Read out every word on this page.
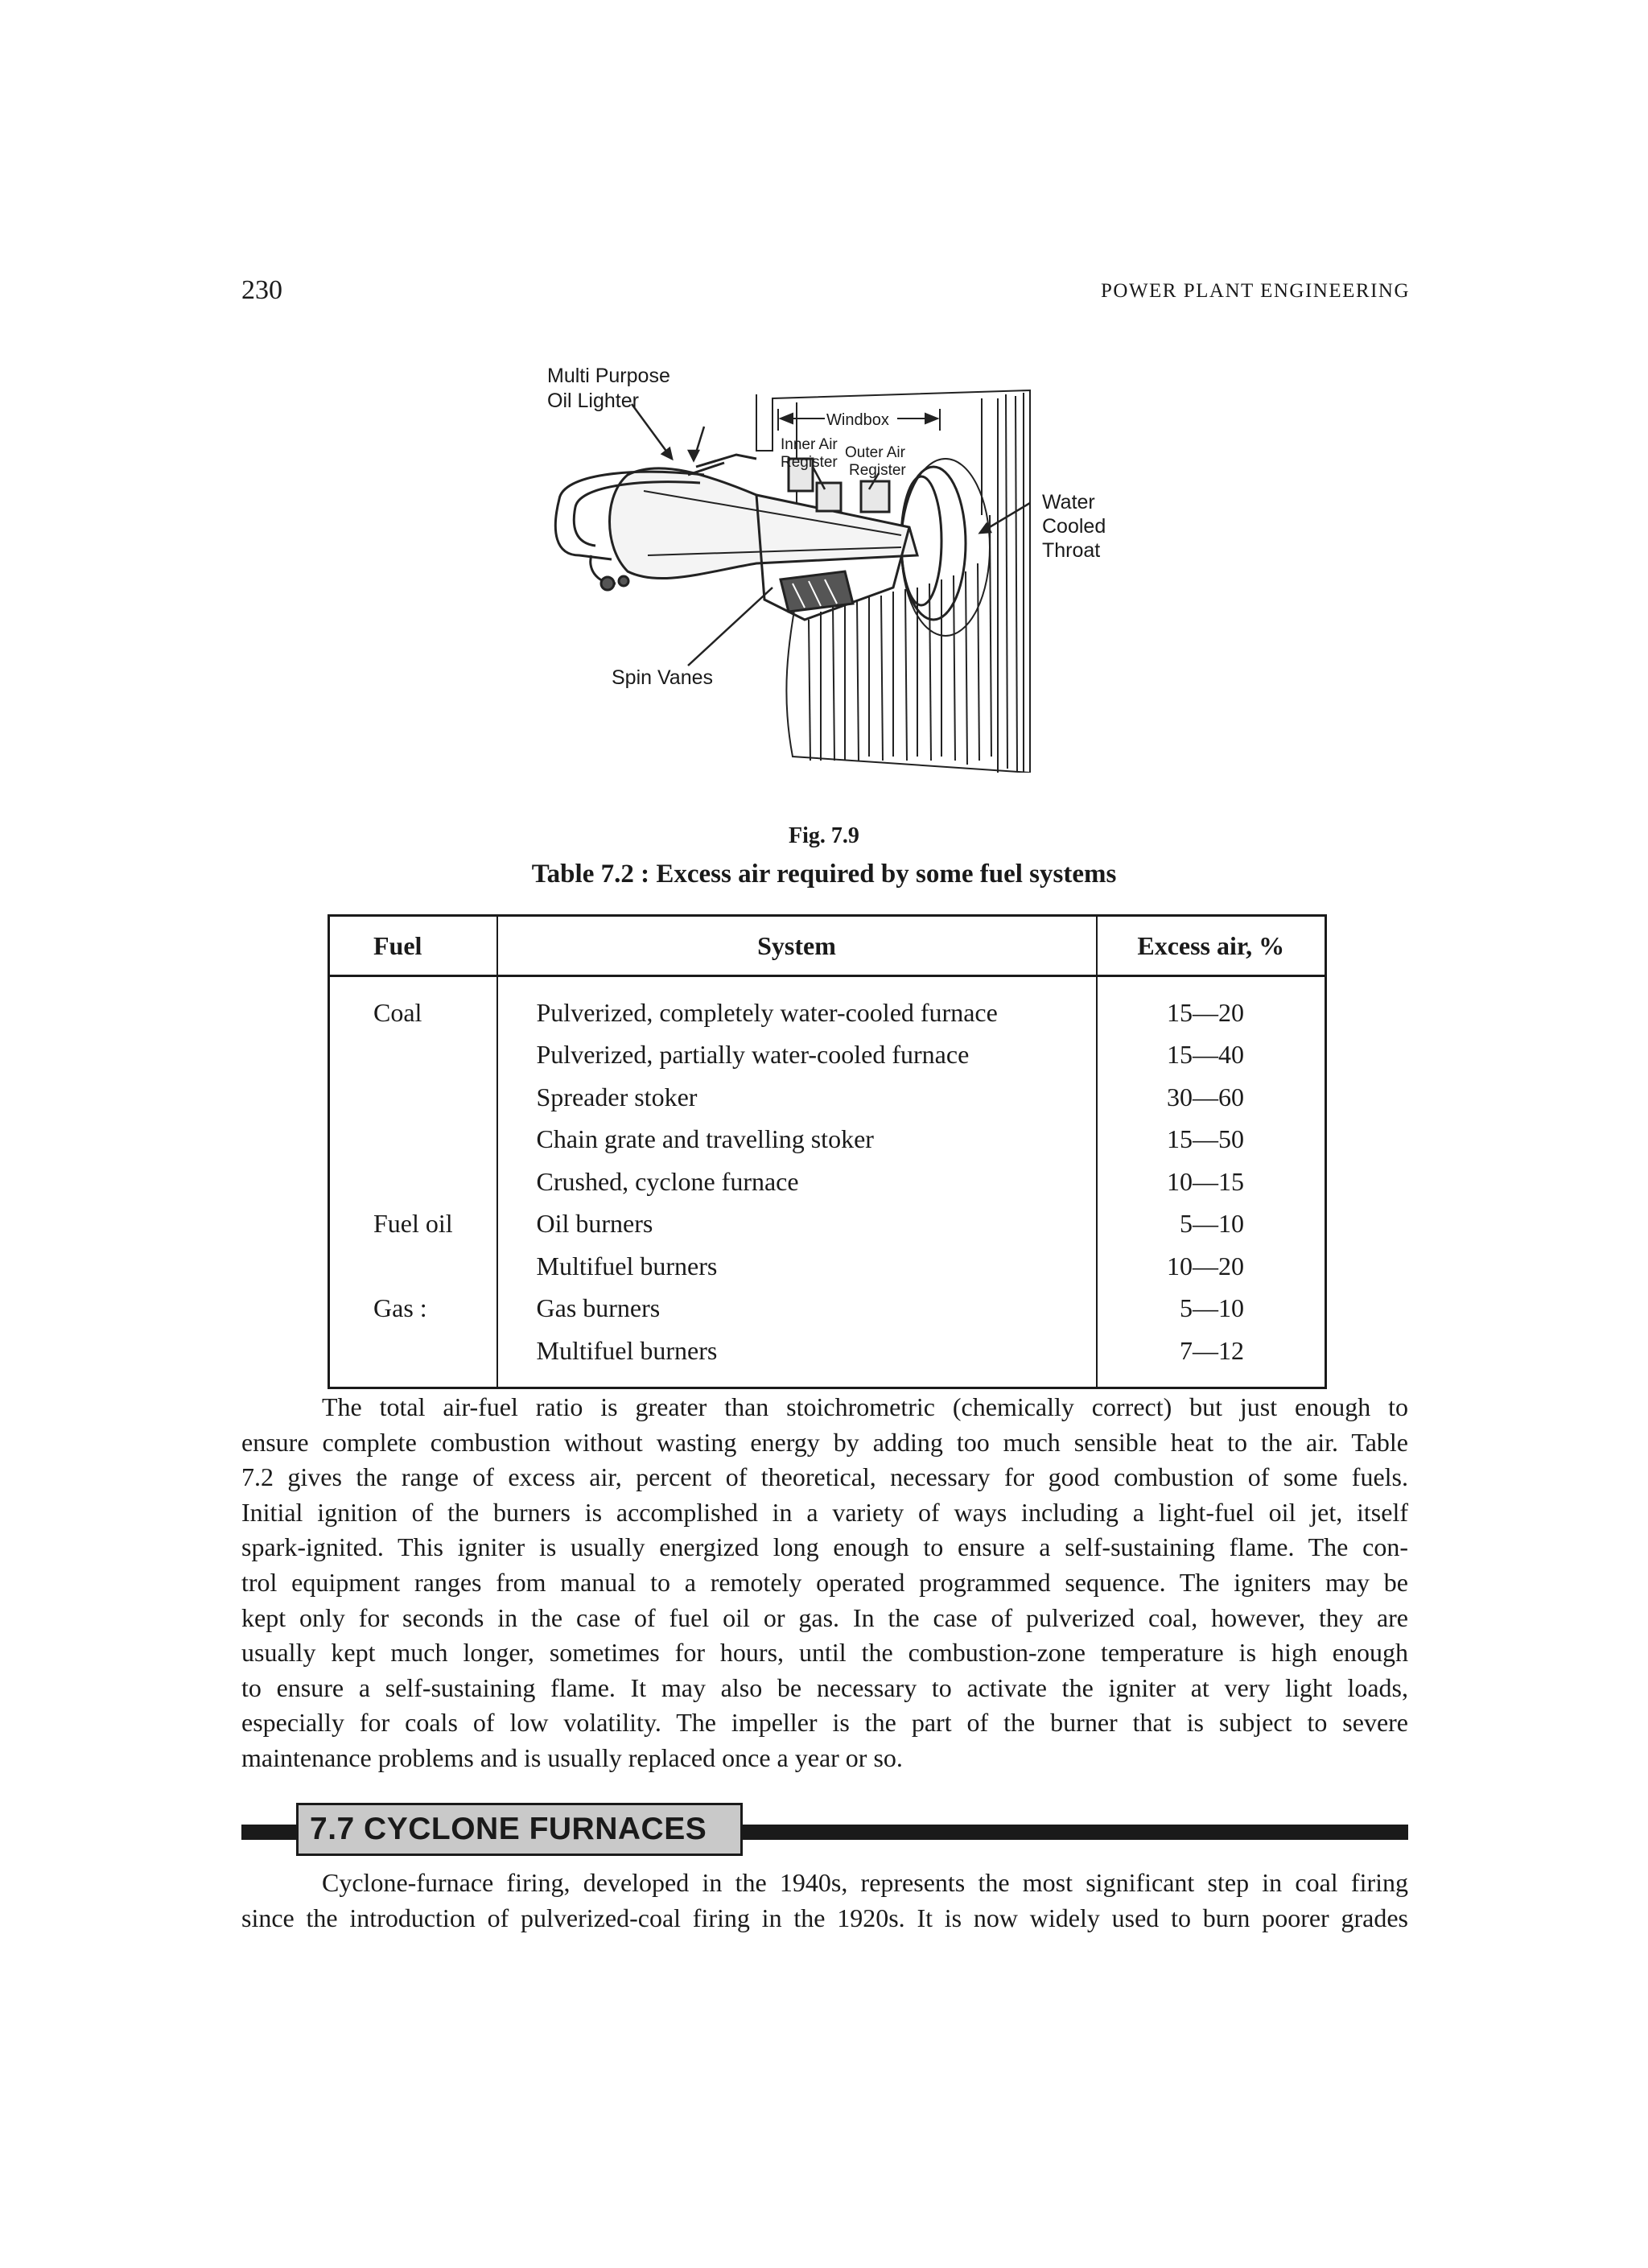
230	POWER PLANT ENGINEERING
Multi Purpose
Oil Lighter
Windbox
Inner Air
Register
Outer Air
Register
Water
Cooled
Throat
Spin Vanes
Fig. 7.9
Table 7.2 : Excess air required by some fuel systems
Fuel	System	Excess air, %
Coal	Pulverized, completely water-cooled furnace	15—20
	Pulverized, partially water-cooled furnace	15—40
	Spreader stoker	30—60
	Chain grate and travelling stoker	15—50
	Crushed, cyclone furnace	10—15
Fuel oil	Oil burners	5—10
	Multifuel burners	10—20
Gas :	Gas burners	5—10
	Multifuel burners	7—12
The total air-fuel ratio is greater than stoichrometric (chemically correct) but just enough to
ensure complete combustion without wasting energy by adding too much sensible heat to the air. Table
7.2 gives the range of excess air, percent of theoretical, necessary for good combustion of some fuels.
Initial ignition of the burners is accomplished in a variety of ways including a light-fuel oil jet, itself
spark-ignited. This igniter is usually energized long enough to ensure a self-sustaining flame. The con-
trol equipment ranges from manual to a remotely operated programmed sequence. The igniters may be
kept only for seconds in the case of fuel oil or gas. In the case of pulverized coal, however, they are
usually kept much longer, sometimes for hours, until the combustion-zone temperature is high enough
to ensure a self-sustaining flame. It may also be necessary to activate the igniter at very light loads,
especially for coals of low volatility. The impeller is the part of the burner that is subject to severe
maintenance problems and is usually replaced once a year or so.
7.7 CYCLONE FURNACES
Cyclone-furnace firing, developed in the 1940s, represents the most significant step in coal firing
since the introduction of pulverized-coal firing in the 1920s. It is now widely used to burn poorer grades
